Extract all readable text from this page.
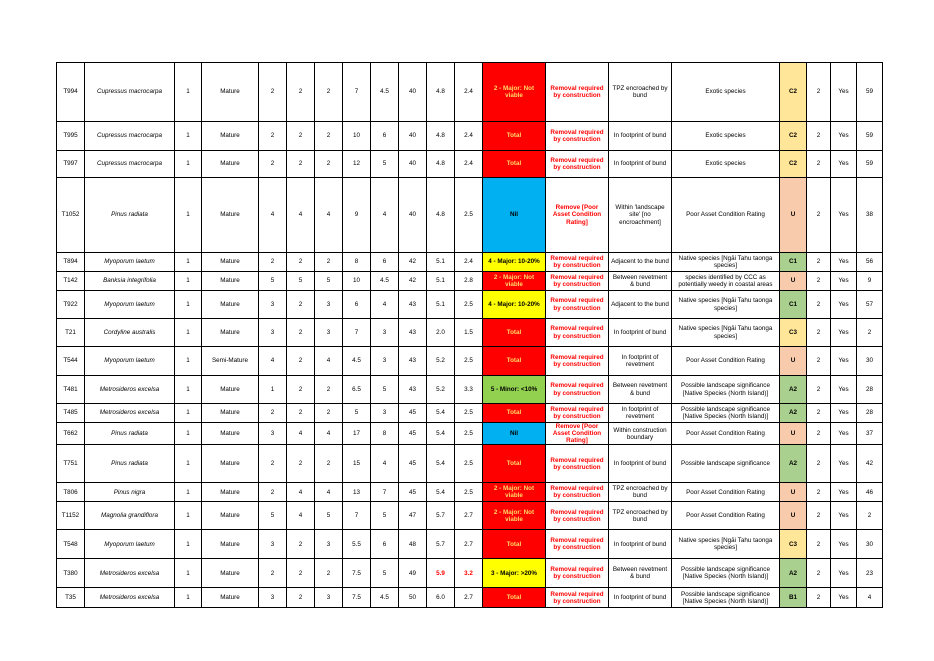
T994	Cupressus macrocarpa	1	Mature	2	2	2	7	4.5	40	4.8	2.4	2 - Major: Not viable	Removal required by construction	TPZ encroached by bund	Exotic species	C2	2	Yes	59
T995	Cupressus macrocarpa	1	Mature	2	2	2	10	6	40	4.8	2.4	Total	Removal required by construction	In footprint of bund	Exotic species	C2	2	Yes	59
T997	Cupressus macrocarpa	1	Mature	2	2	2	12	5	40	4.8	2.4	Total	Removal required by construction	In footprint of bund	Exotic species	C2	2	Yes	59
T1052	Pinus radiata	1	Mature	4	4	4	9	4	40	4.8	2.5	Nil	Remove [Poor Asset Condition Rating]	Within 'landscape site' [no encroachment]	Poor Asset Condition Rating	U	2	Yes	38
T894	Myoporum laetum	1	Mature	2	2	2	8	6	42	5.1	2.4	4 - Major: 10-20%	Removal required by construction	Adjacent to the bund	Native species [Ngāi Tahu taonga species]	C1	2	Yes	56
T142	Banksia integrifolia	1	Mature	5	5	5	10	4.5	42	5.1	2.8	2 - Major: Not viable	Removal required by construction	Between revetment & bund	species identified by CCC as potentially weedy in coastal areas	U	2	Yes	9
T922	Myoporum laetum	1	Mature	3	2	3	6	4	43	5.1	2.5	4 - Major: 10-20%	Removal required by construction	Adjacent to the bund	Native species [Ngāi Tahu taonga species]	C1	2	Yes	57
T21	Cordyline australis	1	Mature	3	2	3	7	3	43	2.0	1.5	Total	Removal required by construction	In footprint of bund	Native species [Ngāi Tahu taonga species]	C3	2	Yes	2
T544	Myoporum laetum	1	Semi-Mature	4	2	4	4.5	3	43	5.2	2.5	Total	Removal required by construction	In footprint of revetment	Poor Asset Condition Rating	U	2	Yes	30
T481	Metrosideros excelsa	1	Mature	1	2	2	6.5	5	43	5.2	3.3	5 - Minor: <10%	Removal required by construction	Between revetment & bund	Possible landscape significance [Native Species (North Island)]	A2	2	Yes	28
T485	Metrosideros excelsa	1	Mature	2	2	2	5	3	45	5.4	2.5	Total	Removal required by construction	In footprint of revetment	Possible landscape significance [Native Species (North Island)]	A2	2	Yes	28
T662	Pinus radiata	1	Mature	3	4	4	17	8	45	5.4	2.5	Nil	Remove [Poor Asset Condition Rating]	Within construction boundary	Poor Asset Condition Rating	U	2	Yes	37
T751	Pinus radiata	1	Mature	2	2	2	15	4	45	5.4	2.5	Total	Removal required by construction	In footprint of bund	Possible landscape significance	A2	2	Yes	42
T806	Pinus nigra	1	Mature	2	4	4	13	7	45	5.4	2.5	2 - Major: Not viable	Removal required by construction	TPZ encroached by bund	Poor Asset Condition Rating	U	2	Yes	46
T1152	Magnolia grandiflora	1	Mature	5	4	5	7	5	47	5.7	2.7	2 - Major: Not viable	Removal required by construction	TPZ encroached by bund	Poor Asset Condition Rating	U	2	Yes	2
T548	Myoporum laetum	1	Mature	3	2	3	5.5	6	48	5.7	2.7	Total	Removal required by construction	In footprint of bund	Native species [Ngāi Tahu taonga species]	C3	2	Yes	30
T380	Metrosideros excelsa	1	Mature	2	2	2	7.5	5	49	5.9	3.2	3 - Major: >20%	Removal required by construction	Between revetment & bund	Possible landscape significance [Native Species (North Island)]	A2	2	Yes	23
T35	Metrosideros excelsa	1	Mature	3	2	3	7.5	4.5	50	6.0	2.7	Total	Removal required by construction	In footprint of bund	Possible landscape significance [Native Species (North Island)]	B1	2	Yes	4
